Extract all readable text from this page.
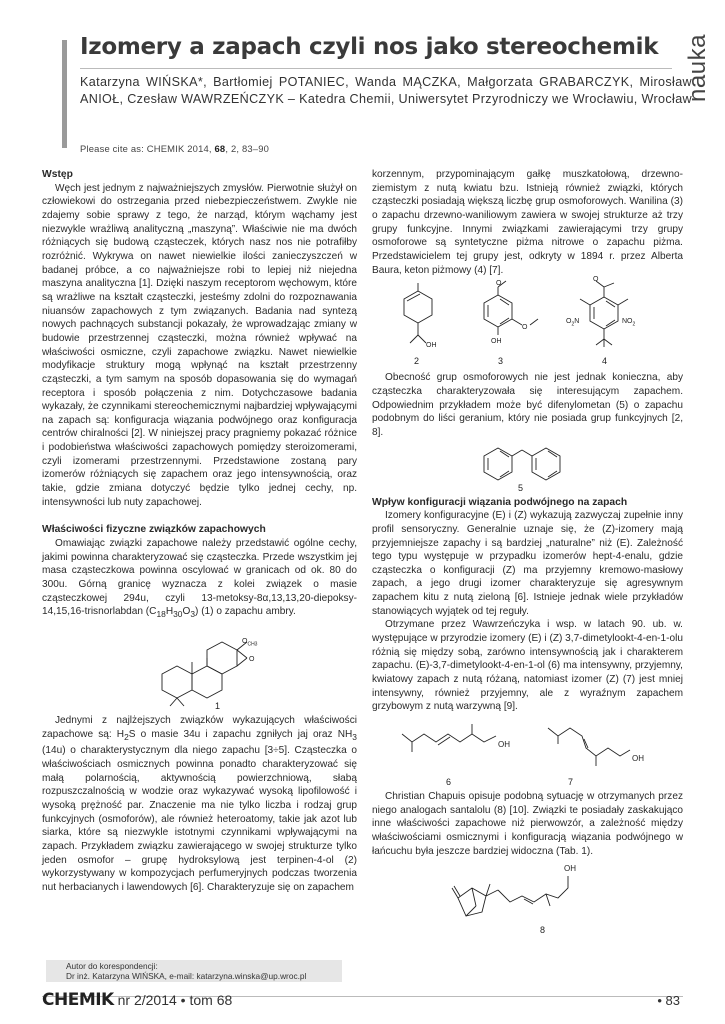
Izomery a zapach czyli nos jako stereochemik	nauka
Katarzyna WIŃSKA*, Bartłomiej POTANIEC, Wanda MĄCZKA, Małgorzata GRABARCZYK, Mirosław ANIOŁ, Czesław WAWRZEŃCZYK – Katedra Chemii, Uniwersytet Przyrodniczy we Wrocławiu, Wrocław
Please cite as: CHEMIK 2014, 68, 2, 83–90
Wstęp

Węch jest jednym z najważniejszych zmysłów. Pierwotnie służył on człowiekowi do ostrzegania przed niebezpieczeństwem. Zwykle nie zdajemy sobie sprawy z tego, że narząd, którym wąchamy jest niezwykle wrażliwą analityczną „maszyną”. Właściwie nie ma dwóch różniących się budową cząsteczek, których nasz nos nie potrafiłby rozróżnić. Wykrywa on nawet niewielkie ilości zanieczyszczeń w badanej próbce, a co najważniejsze robi to lepiej niż niejedna maszyna analityczna [1]. Dzięki naszym receptorom węchowym, które są wrażliwe na kształt cząsteczki, jesteśmy zdolni do rozpoznawania niuansów zapachowych z tym związanych. Badania nad syntezą nowych pachnących substancji pokazały, że wprowadzając zmiany w budowie przestrzennej cząsteczki, można również wpływać na właściwości osmiczne, czyli zapachowe związku. Nawet niewielkie modyfikacje struktury mogą wpłynąć na kształt przestrzenny cząsteczki, a tym samym na sposób dopasowania się do wymagań receptora i sposób połączenia z nim. Dotychczasowe badania wykazały, że czynnikami stereochemicznymi najbardziej wpływającymi na zapach są: konfiguracja wiązania podwójnego oraz konfiguracja centrów chiralności [2]. W niniejszej pracy pragniemy pokazać różnice i podobieństwa właściwości zapachowych pomiędzy steroizomerami, czyli izomerami przestrzennymi. Przedstawione zostaną pary izomerów różniących się zapachem oraz jego intensywnością, oraz takie, gdzie zmiana dotyczyć będzie tylko jednej cechy, np. intensywności lub nuty zapachowej.

Właściwości fizyczne związków zapachowych

Omawiając związki zapachowe należy przedstawić ogólne cechy, jakimi powinna charakteryzować się cząsteczka. Przede wszystkim jej masa cząsteczkowa powinna oscylować w granicach od ok. 80 do 300u. Górną granicę wyznacza z kolei związek o masie cząsteczkowej 294u, czyli 13-metoksy-8α,13,13,20-diepoksy-14,15,16-trisnorlabdan $(C_{18}H_{30}O_3)$ (1) o zapachu ambry.

$O_{CH3}$
O
1

Jednymi z najlżejszych związków wykazujących właściwości zapachowe są: $H_2S$ o masie 34u i zapachu zgniłych jaj oraz $NH_3$ (14u) o charakterystycznym dla niego zapachu [3÷5]. Cząsteczka o właściwościach osmicznych powinna ponadto charakteryzować się małą polarnością, aktywnością powierzchniową, słabą rozpuszczalnością w wodzie oraz wykazywać wysoką lipofilowość i wysoką prężność par. Znaczenie ma nie tylko liczba i rodzaj grup funkcyjnych (osmoforów), ale również heteroatomy, takie jak azot lub siarka, które są niezwykle istotnymi czynnikami wpływającymi na zapach. Przykładem związku zawierającego w swojej strukturze tylko jeden osmofor – grupę hydroksylową jest terpinen-4-ol (2) wykorzystywany w kompozycjach perfumeryjnych podczas tworzenia nut herbacianych i lawendowych [6]. Charakteryzuje się on zapachem

korzennym, przypominającym gałkę muszkatołową, drzewno-ziemistym z nutą kwiatu bzu. Istnieją również związki, których cząsteczki posiadają większą liczbę grup osmoforowych. Wanilina (3) o zapachu drzewno-waniliowym zawiera w swojej strukturze aż trzy grupy funkcyjne. Innymi związkami zawierającymi trzy grupy osmoforowe są syntetyczne piżma nitrowe o zapachu piżma. Przedstawicielem tej grupy jest, odkryty w 1894 r. przez Alberta Baura, keton piżmowy (4) [7].

OH
O
O
OH
O
$O_2N$	$NO_2$
2	3	4

Obecność grup osmoforowych nie jest jednak konieczna, aby cząsteczka charakteryzowała się interesującym zapachem. Odpowiednim przykładem może być difenylometan (5) o zapachu podobnym do liści geranium, który nie posiada grup funkcyjnych [2, 8].

5
Wpływ konfiguracji wiązania podwójnego na zapach

Izomery konfiguracyjne (E) i (Z) wykazują zazwyczaj zupełnie inny profil sensoryczny. Generalnie uznaje się, że (Z)-izomery mają przyjemniejsze zapachy i są bardziej „naturalne” niż (E). Zależność tego typu występuje w przypadku izomerów hept-4-enalu, gdzie cząsteczka o konfiguracji (Z) ma przyjemny kremowo-masłowy zapach, a jego drugi izomer charakteryzuje się agresywnym zapachem kitu z nutą zieloną [6]. Istnieje jednak wiele przykładów stanowiących wyjątek od tej reguły.

Otrzymane przez Wawrzeńczyka i wsp. w latach 90. ub. w. występujące w przyrodzie izomery (E) i (Z) 3,7-dimetylookt-4-en-1-olu różnią się między sobą, zarówno intensywnością jak i charakterem zapachu. (E)-3,7-dimetylookt-4-en-1-ol (6) ma intensywny, przyjemny, kwiatowy zapach z nutą różaną, natomiast izomer (Z) (7) jest mniej intensywny, również przyjemny, ale z wyraźnym zapachem grzybowym z nutą warzywną [9].

OH
OH
6	7

Christian Chapuis opisuje podobną sytuację w otrzymanych przez niego analogach santalolu (8) [10]. Związki te posiadały zaskakująco inne właściwości zapachowe niż pierwowzór, a zależność między właściwościami osmicznymi i konfiguracją wiązania podwójnego w łańcuchu była jeszcze bardziej widoczna (Tab. 1).

OH
8
Autor do korespondencji:
Dr inż. Katarzyna WIŃSKA, e-mail: katarzyna.winska@up.wroc.pl
CHEMIK nr 2/2014 • tom 68	• 83
